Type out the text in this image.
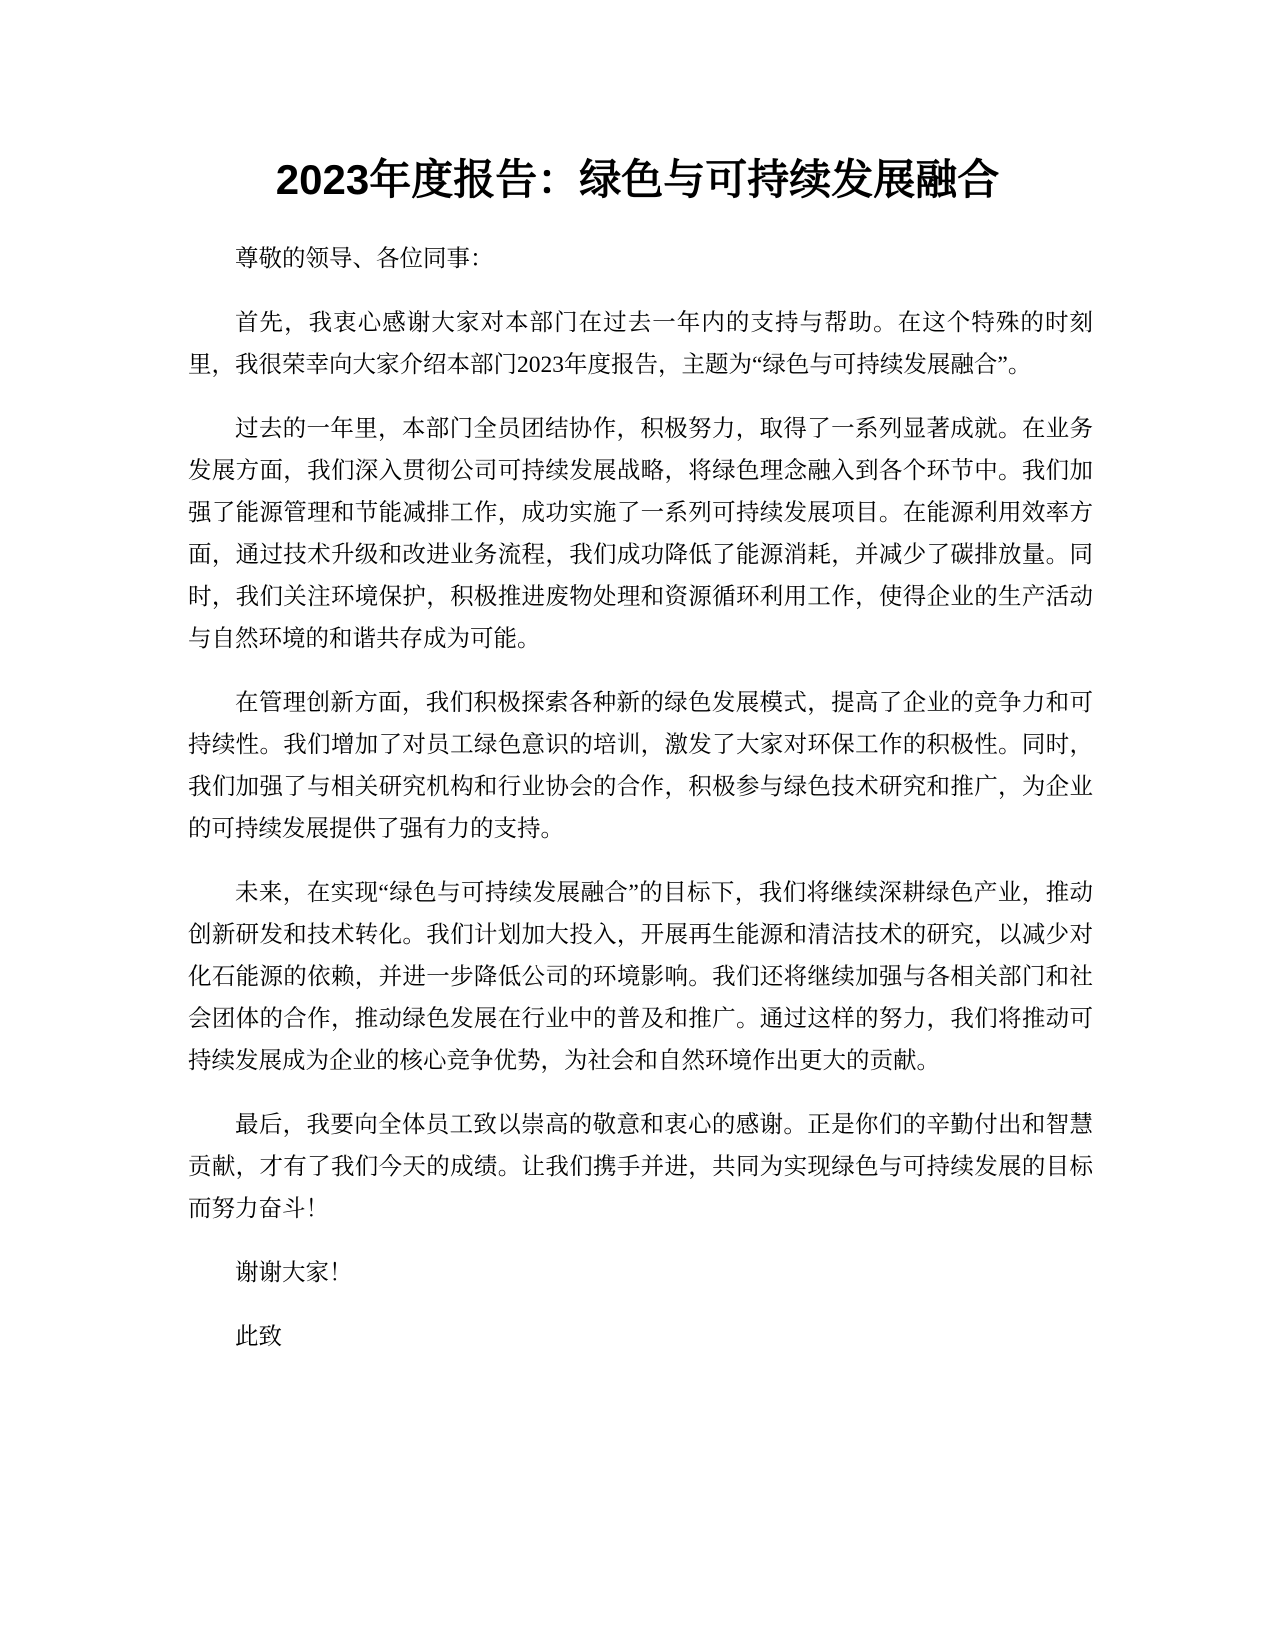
2023年度报告：绿色与可持续发展融合

尊敬的领导、各位同事：

首先，我衷心感谢大家对本部门在过去一年内的支持与帮助。在这个特殊的时刻里，我很荣幸向大家介绍本部门2023年度报告，主题为“绿色与可持续发展融合”。

过去的一年里，本部门全员团结协作，积极努力，取得了一系列显著成就。在业务发展方面，我们深入贯彻公司可持续发展战略，将绿色理念融入到各个环节中。我们加强了能源管理和节能减排工作，成功实施了一系列可持续发展项目。在能源利用效率方面，通过技术升级和改进业务流程，我们成功降低了能源消耗，并减少了碳排放量。同时，我们关注环境保护，积极推进废物处理和资源循环利用工作，使得企业的生产活动与自然环境的和谐共存成为可能。

在管理创新方面，我们积极探索各种新的绿色发展模式，提高了企业的竞争力和可持续性。我们增加了对员工绿色意识的培训，激发了大家对环保工作的积极性。同时，我们加强了与相关研究机构和行业协会的合作，积极参与绿色技术研究和推广，为企业的可持续发展提供了强有力的支持。

未来，在实现“绿色与可持续发展融合”的目标下，我们将继续深耕绿色产业，推动创新研发和技术转化。我们计划加大投入，开展再生能源和清洁技术的研究，以减少对化石能源的依赖，并进一步降低公司的环境影响。我们还将继续加强与各相关部门和社会团体的合作，推动绿色发展在行业中的普及和推广。通过这样的努力，我们将推动可持续发展成为企业的核心竞争优势，为社会和自然环境作出更大的贡献。

最后，我要向全体员工致以崇高的敬意和衷心的感谢。正是你们的辛勤付出和智慧贡献，才有了我们今天的成绩。让我们携手并进，共同为实现绿色与可持续发展的目标而努力奋斗！

谢谢大家！

此致
